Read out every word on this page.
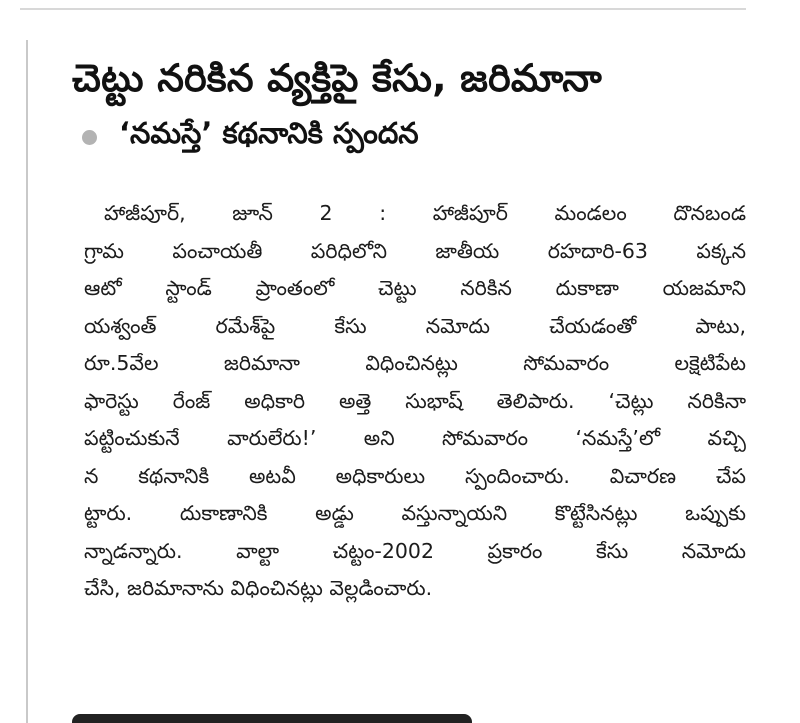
చెట్టు నరికిన వ్యక్తిపై కేసు, జరిమానా
‘నమస్తే’ కథనానికి స్పందన
హాజీపూర్, జూన్ 2 : హాజీపూర్ మండలం దొనబండ
గ్రామ పంచాయతీ పరిధిలోని జాతీయ రహదారి-63 పక్కన
ఆటో స్టాండ్ ప్రాంతంలో చెట్టు నరికిన దుకాణా యజమాని
యశ్వంత్ రమేశ్‌పై కేసు నమోదు చేయడంతో పాటు,
రూ.5వేల జరిమానా విధించినట్లు సోమవారం లక్షెటిపేట
ఫారెస్టు రేంజ్ అధికారి అత్తె సుభాష్ తెలిపారు. ‘చెట్లు నరికినా
పట్టించుకునే వారులేరు!’ అని సోమవారం ‘నమస్తే’లో వచ్చి
న కథనానికి అటవీ అధికారులు స్పందించారు. విచారణ చేప
ట్టారు. దుకాణానికి అడ్డు వస్తున్నాయని కొట్టేసినట్లు ఒప్పుకు
న్నాడన్నారు. వాల్టా చట్టం-2002 ప్రకారం కేసు నమోదు
చేసి, జరిమానాను విధించినట్లు వెల్లడించారు.
